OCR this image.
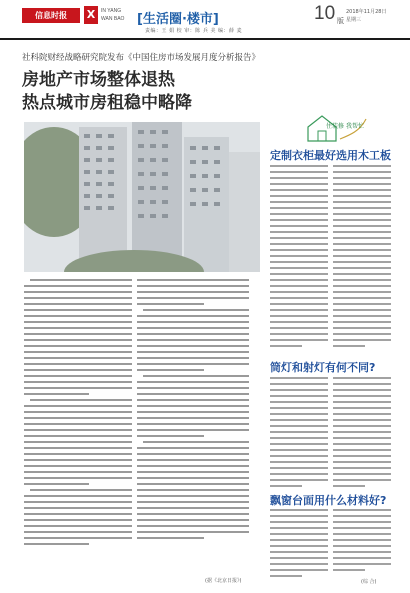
信息时报	X	IN YANG
WAN BAO [生活圈·楼市]	10 版
2018年11月28日
星期三
责编：王 娟 校 审：陈 兵 美 编：薛 麦
社科院财经战略研究院发布《中国住房市场发展月度分析报告》
房地产市场整体退热
热点城市房租稳中略降
(据《北京日报》)
住装修 我帮忙
定制衣柜最好选用木工板
筒灯和射灯有何不同?
飘窗台面用什么材料好?
(综 合)
